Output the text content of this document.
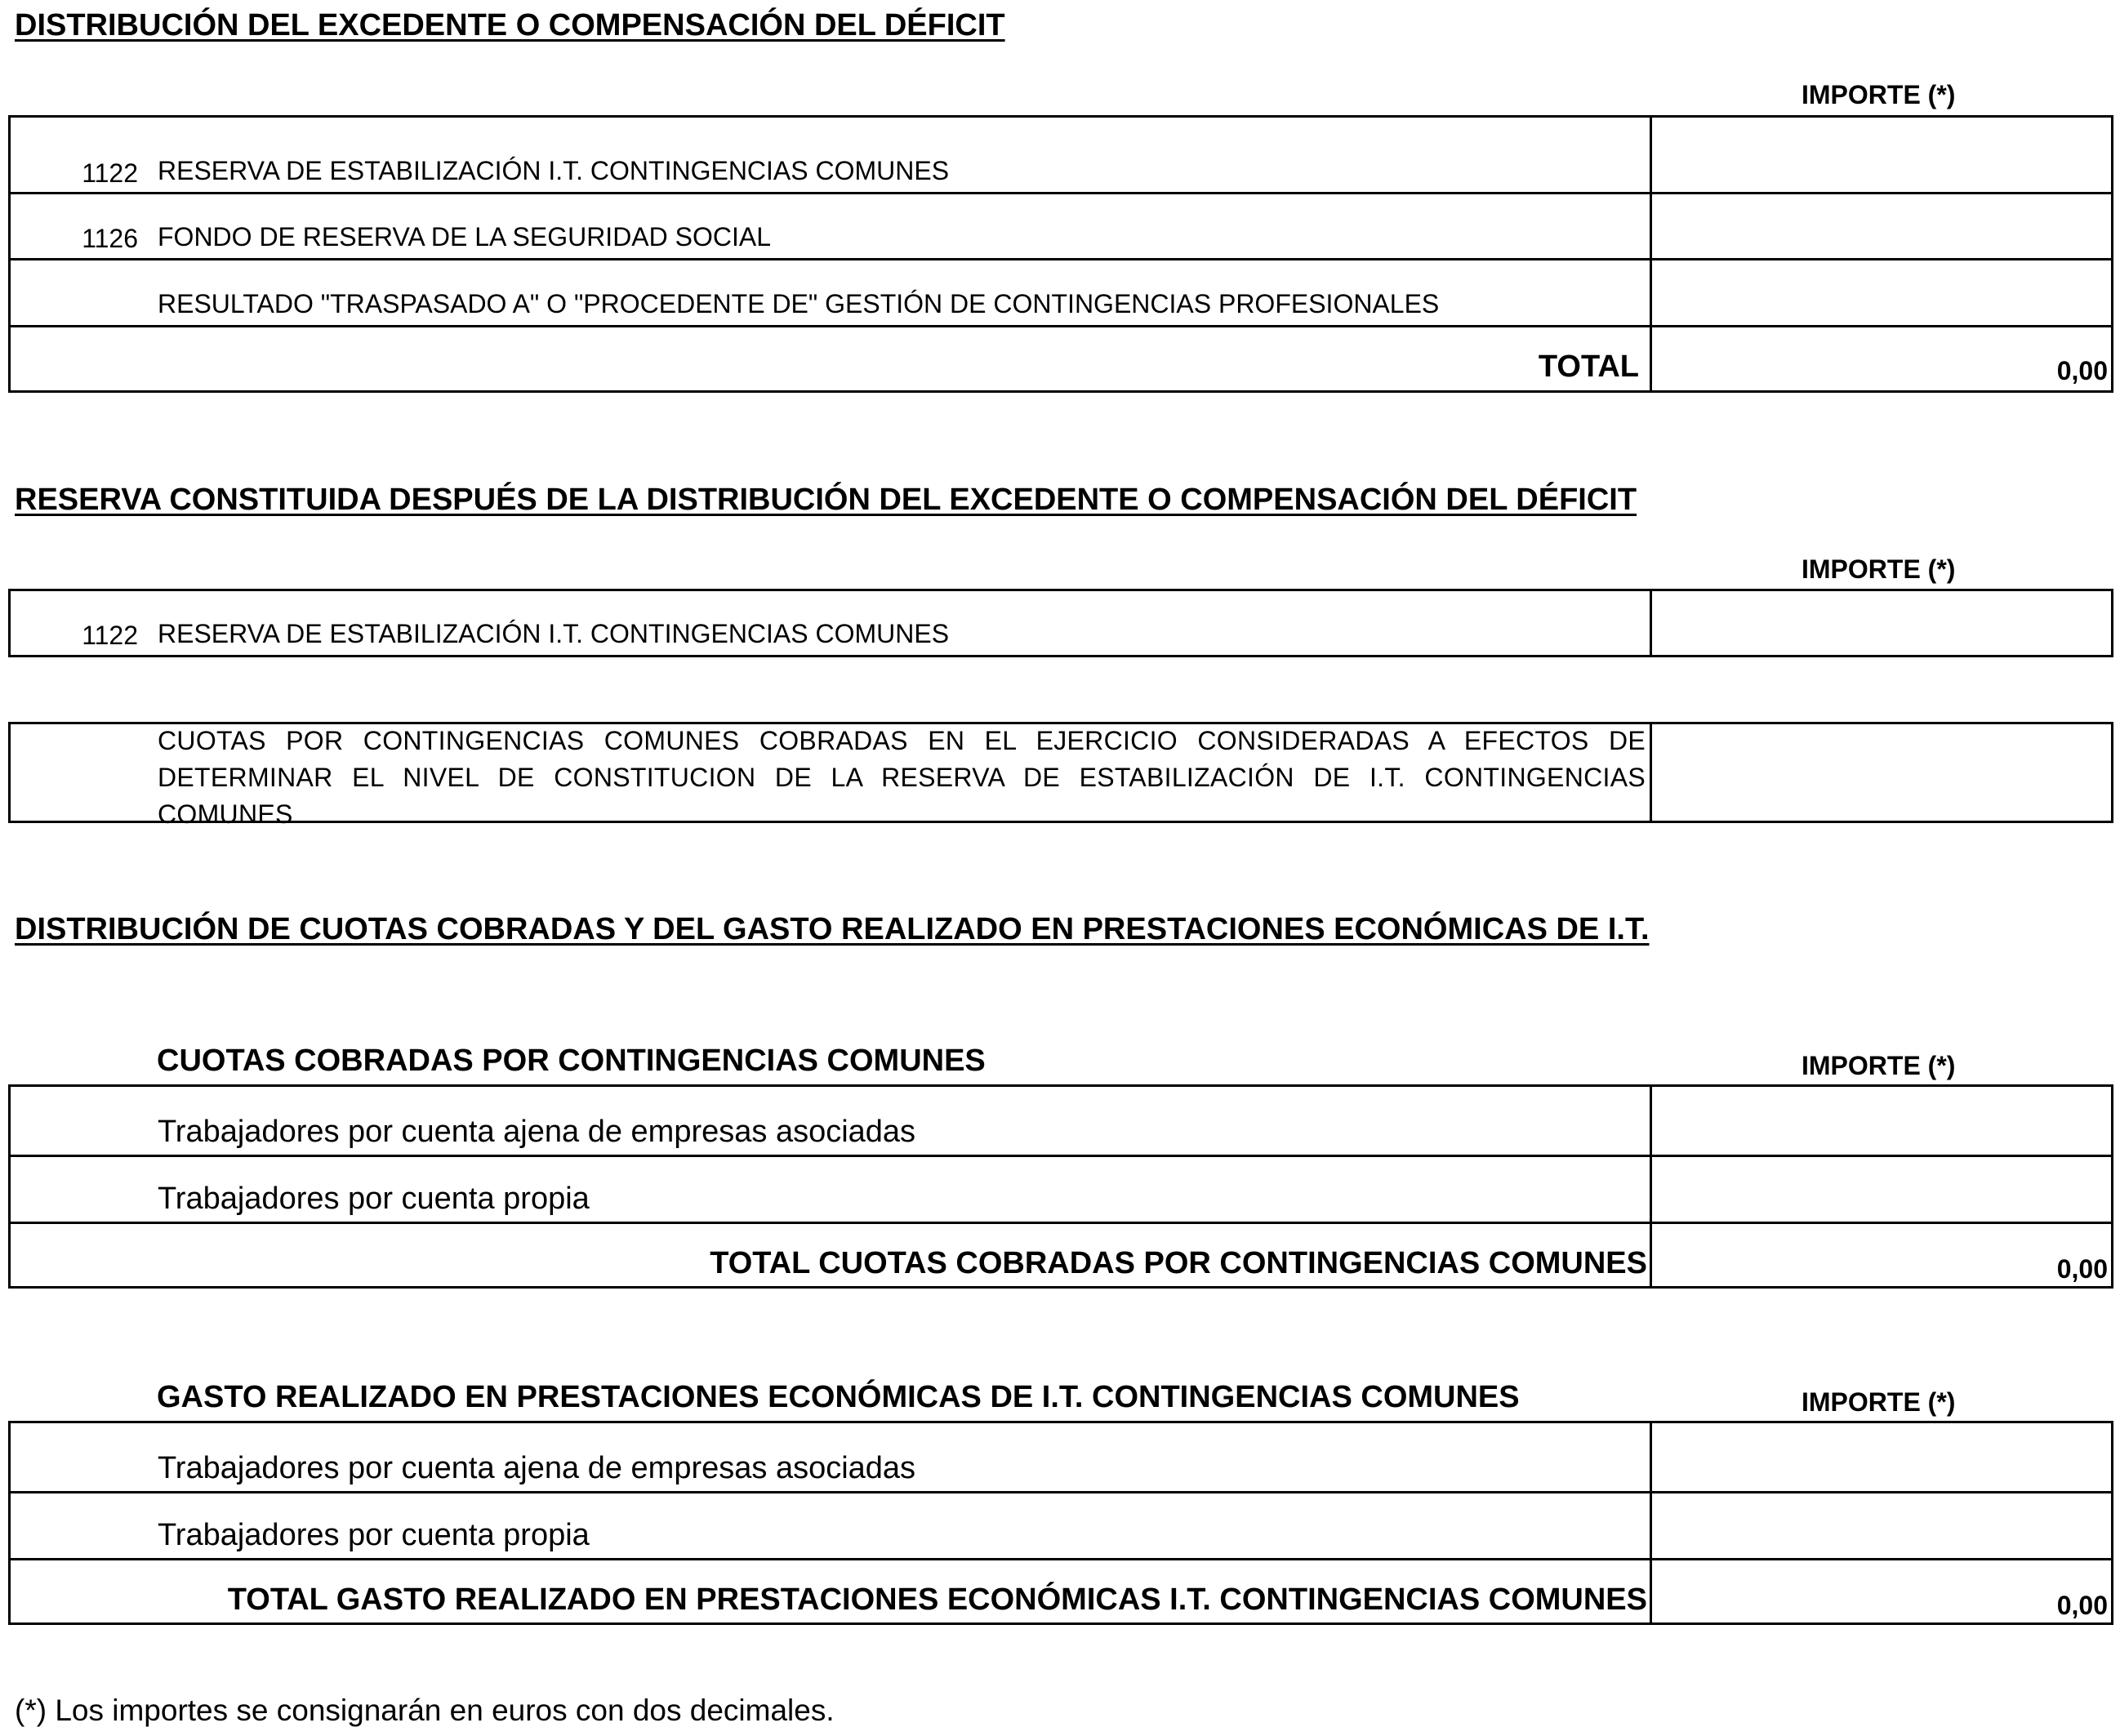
DISTRIBUCIÓN DEL EXCEDENTE O COMPENSACIÓN DEL DÉFICIT
IMPORTE (*)
1122 RESERVA DE ESTABILIZACIÓN I.T. CONTINGENCIAS COMUNES
1126 FONDO DE RESERVA DE LA SEGURIDAD SOCIAL
RESULTADO "TRASPASADO A" O "PROCEDENTE DE" GESTIÓN DE CONTINGENCIAS PROFESIONALES
TOTAL	0,00
RESERVA CONSTITUIDA DESPUÉS DE LA DISTRIBUCIÓN DEL EXCEDENTE O COMPENSACIÓN DEL DÉFICIT
IMPORTE (*)
1122 RESERVA DE ESTABILIZACIÓN I.T. CONTINGENCIAS COMUNES
CUOTAS POR CONTINGENCIAS COMUNES COBRADAS EN EL EJERCICIO CONSIDERADAS A EFECTOS DE DETERMINAR EL NIVEL DE CONSTITUCION DE LA RESERVA DE ESTABILIZACIÓN DE I.T. CONTINGENCIAS COMUNES
DISTRIBUCIÓN DE CUOTAS COBRADAS Y DEL GASTO REALIZADO EN PRESTACIONES ECONÓMICAS DE I.T.
CUOTAS COBRADAS POR CONTINGENCIAS COMUNES	IMPORTE (*)
Trabajadores por cuenta ajena de empresas asociadas
Trabajadores por cuenta propia
TOTAL CUOTAS COBRADAS POR CONTINGENCIAS COMUNES	0,00
GASTO REALIZADO EN PRESTACIONES ECONÓMICAS DE I.T. CONTINGENCIAS COMUNES	IMPORTE (*)
Trabajadores por cuenta ajena de empresas asociadas
Trabajadores por cuenta propia
TOTAL GASTO REALIZADO EN PRESTACIONES ECONÓMICAS I.T. CONTINGENCIAS COMUNES	0,00
(*) Los importes se consignarán en euros con dos decimales.
